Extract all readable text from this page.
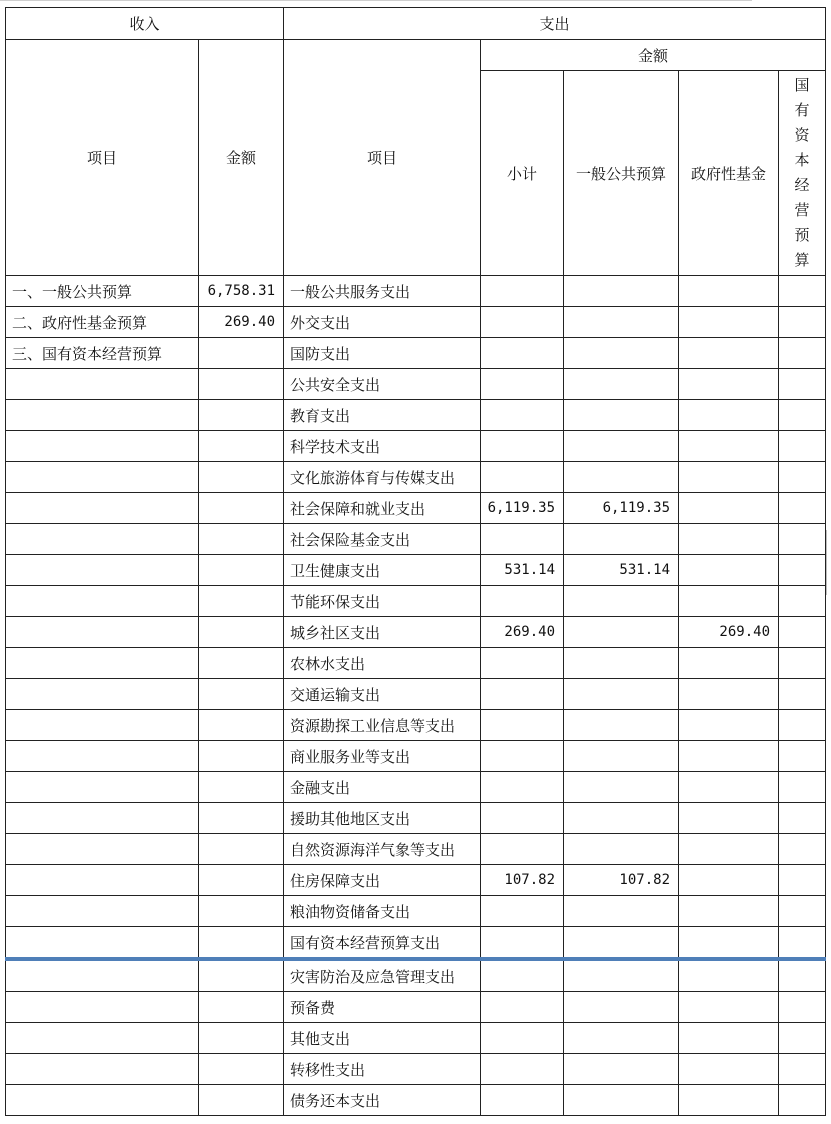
收入		支出				
项目	金额	项目	金额			
			小计	一般公共预算	政府性基金	国有资本经营预算
一、一般公共预算	6,758.31	一般公共服务支出				
二、政府性基金预算	269.40	外交支出				
三、国有资本经营预算		国防支出				
		公共安全支出				
		教育支出				
		科学技术支出				
		文化旅游体育与传媒支出				
		社会保障和就业支出	6,119.35	6,119.35		
		社会保险基金支出				
		卫生健康支出	531.14	531.14		
		节能环保支出				
		城乡社区支出	269.40		269.40	
		农林水支出				
		交通运输支出				
		资源勘探工业信息等支出				
		商业服务业等支出				
		金融支出				
		援助其他地区支出				
		自然资源海洋气象等支出				
		住房保障支出	107.82	107.82		
		粮油物资储备支出				
		国有资本经营预算支出				
		灾害防治及应急管理支出				
		预备费				
		其他支出				
		转移性支出				
		债务还本支出				
